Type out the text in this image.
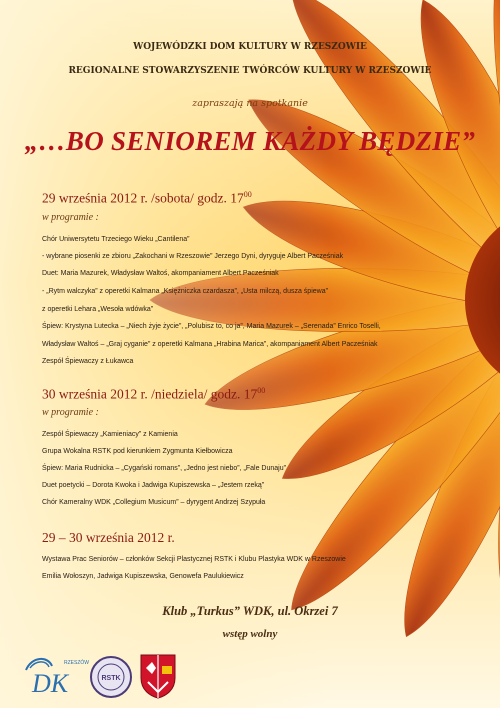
WOJEWÓDZKI DOM KULTURY W RZESZOWIE
REGIONALNE STOWARZYSZENIE TWÓRCÓW KULTURY W RZESZOWIE
zapraszają na spotkanie
„…BO SENIOREM KAŻDY BĘDZIE”
29 września 2012 r. /sobota/ godz. $17^{00}$
w programie :
Chór Uniwersytetu Trzeciego Wieku „Cantilena”
- wybrane piosenki ze zbioru „Zakochani w Rzeszowie” Jerzego Dyni, dyryguje Albert Pacześniak
Duet: Maria Mazurek, Władysław Waltoś, akompaniament Albert Pacześniak
- „Rytm walczyka” z operetki Kalmana „Księżniczka czardasza”, „Usta milczą, dusza śpiewa”
z operetki Lehara „Wesoła wdówka”
Śpiew: Krystyna Lutecka – „Niech żyje życie”, „Polubisz to, co ja”, Maria Mazurek – „Serenada” Enrico Toselli,
Władysław Waltoś – „Graj cyganie” z operetki Kalmana „Hrabina Marica”, akompaniament Albert Pacześniak
Zespół Śpiewaczy z Łukawca
30 września 2012 r. /niedziela/ godz. $17^{00}$
w programie :
Zespół Śpiewaczy „Kamieniacy” z Kamienia
Grupa Wokalna RSTK pod kierunkiem Zygmunta Kiełbowicza
Śpiew: Maria Rudnicka – „Cygański romans”, „Jedno jest niebo”, „Fale Dunaju”
Duet poetycki – Dorota Kwoka i Jadwiga Kupiszewska – „Jestem rzeką”
Chór Kameralny WDK „Collegium Musicum” – dyrygent Andrzej Szypuła
29 – 30 września 2012 r.
Wystawa Prac Seniorów – członków Sekcji Plastycznej RSTK i Klubu Plastyka WDK w Rzeszowie
Emilia Wołoszyn, Jadwiga Kupiszewska, Genowefa Paulukiewicz
Klub „Turkus” WDK, ul. Okrzei 7
wstęp wolny
DK
RZESZÓW
RSTK
